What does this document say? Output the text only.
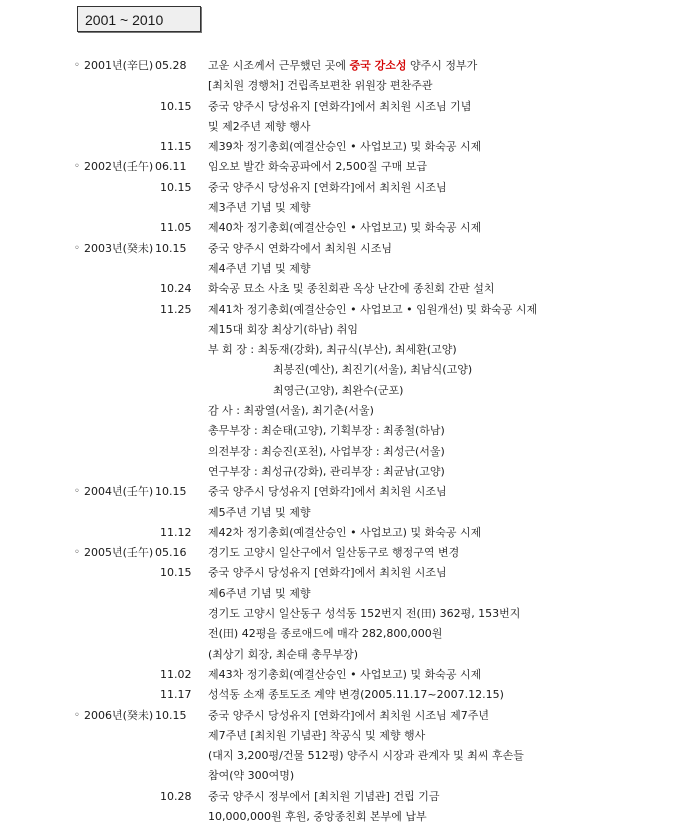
2001 ~ 2010
◦ 2001년(辛巳) 05.28 고운 시조께서 근무했던 곳에 중국 강소성 양주시 정부가
[최치원 경행처] 건립족보편찬 위원장 편찬주관
10.15 중국 양주시 당성유지 [연화각]에서 최치원 시조님 기념
및 제2주년 제향 행사
11.15 제39차 정기총회(예결산승인 • 사업보고) 및 화숙공 시제
◦ 2002년(壬午) 06.11 임오보 발간 화숙공파에서 2,500질 구매 보급
10.15 중국 양주시 당성유지 [연화각]에서 최치원 시조님
제3주년 기념 및 제향
11.05 제40차 정기총회(예결산승인 • 사업보고) 및 화숙공 시제
◦ 2003년(癸未) 10.15 중국 양주시 연화각에서 최치원 시조님
제4주년 기념 및 제향
10.24 화숙공 묘소 사초 및 종친회관 옥상 난간에 종친회 간판 설치
11.25 제41차 정기총회(예결산승인 • 사업보고 • 임원개선) 및 화숙공 시제
제15대 회장 최상기(하남) 취임
부 회 장 : 최동재(강화), 최규식(부산), 최세환(고양)
최봉진(예산), 최진기(서울), 최남식(고양)
최영근(고양), 최완수(군포)
감 사 : 최광열(서울), 최기춘(서울)
총무부장 : 최순태(고양), 기획부장 : 최종철(하남)
의전부장 : 최승진(포천), 사업부장 : 최성근(서울)
연구부장 : 최성규(강화), 관리부장 : 최균남(고양)
◦ 2004년(壬午) 10.15 중국 양주시 당성유지 [연화각]에서 최치원 시조님
제5주년 기념 및 제향
11.12 제42차 정기총회(예결산승인 • 사업보고) 및 화숙공 시제
◦ 2005년(壬午) 05.16 경기도 고양시 일산구에서 일산동구로 행정구역 변경
10.15 중국 양주시 당성유지 [연화각]에서 최치원 시조님
제6주년 기념 및 제향
경기도 고양시 일산동구 성석동 152번지 전(田) 362평, 153번지
전(田) 42평을 종로애드에 매각 282,800,000원
(최상기 회장, 최순태 총무부장)
11.02 제43차 정기총회(예결산승인 • 사업보고) 및 화숙공 시제
11.17 성석동 소재 종토도조 계약 변경(2005.11.17~2007.12.15)
◦ 2006년(癸未) 10.15 중국 양주시 당성유지 [연화각]에서 최치원 시조님 제7주년
제7주년 [최치원 기념관] 착공식 및 제향 행사
(대지 3,200평/건물 512평) 양주시 시장과 관계자 및 최씨 후손들
참여(약 300여명)
10.28 중국 양주시 정부에서 [최치원 기념관] 건립 기금
10,000,000원 후원, 중앙종친회 본부에 납부
